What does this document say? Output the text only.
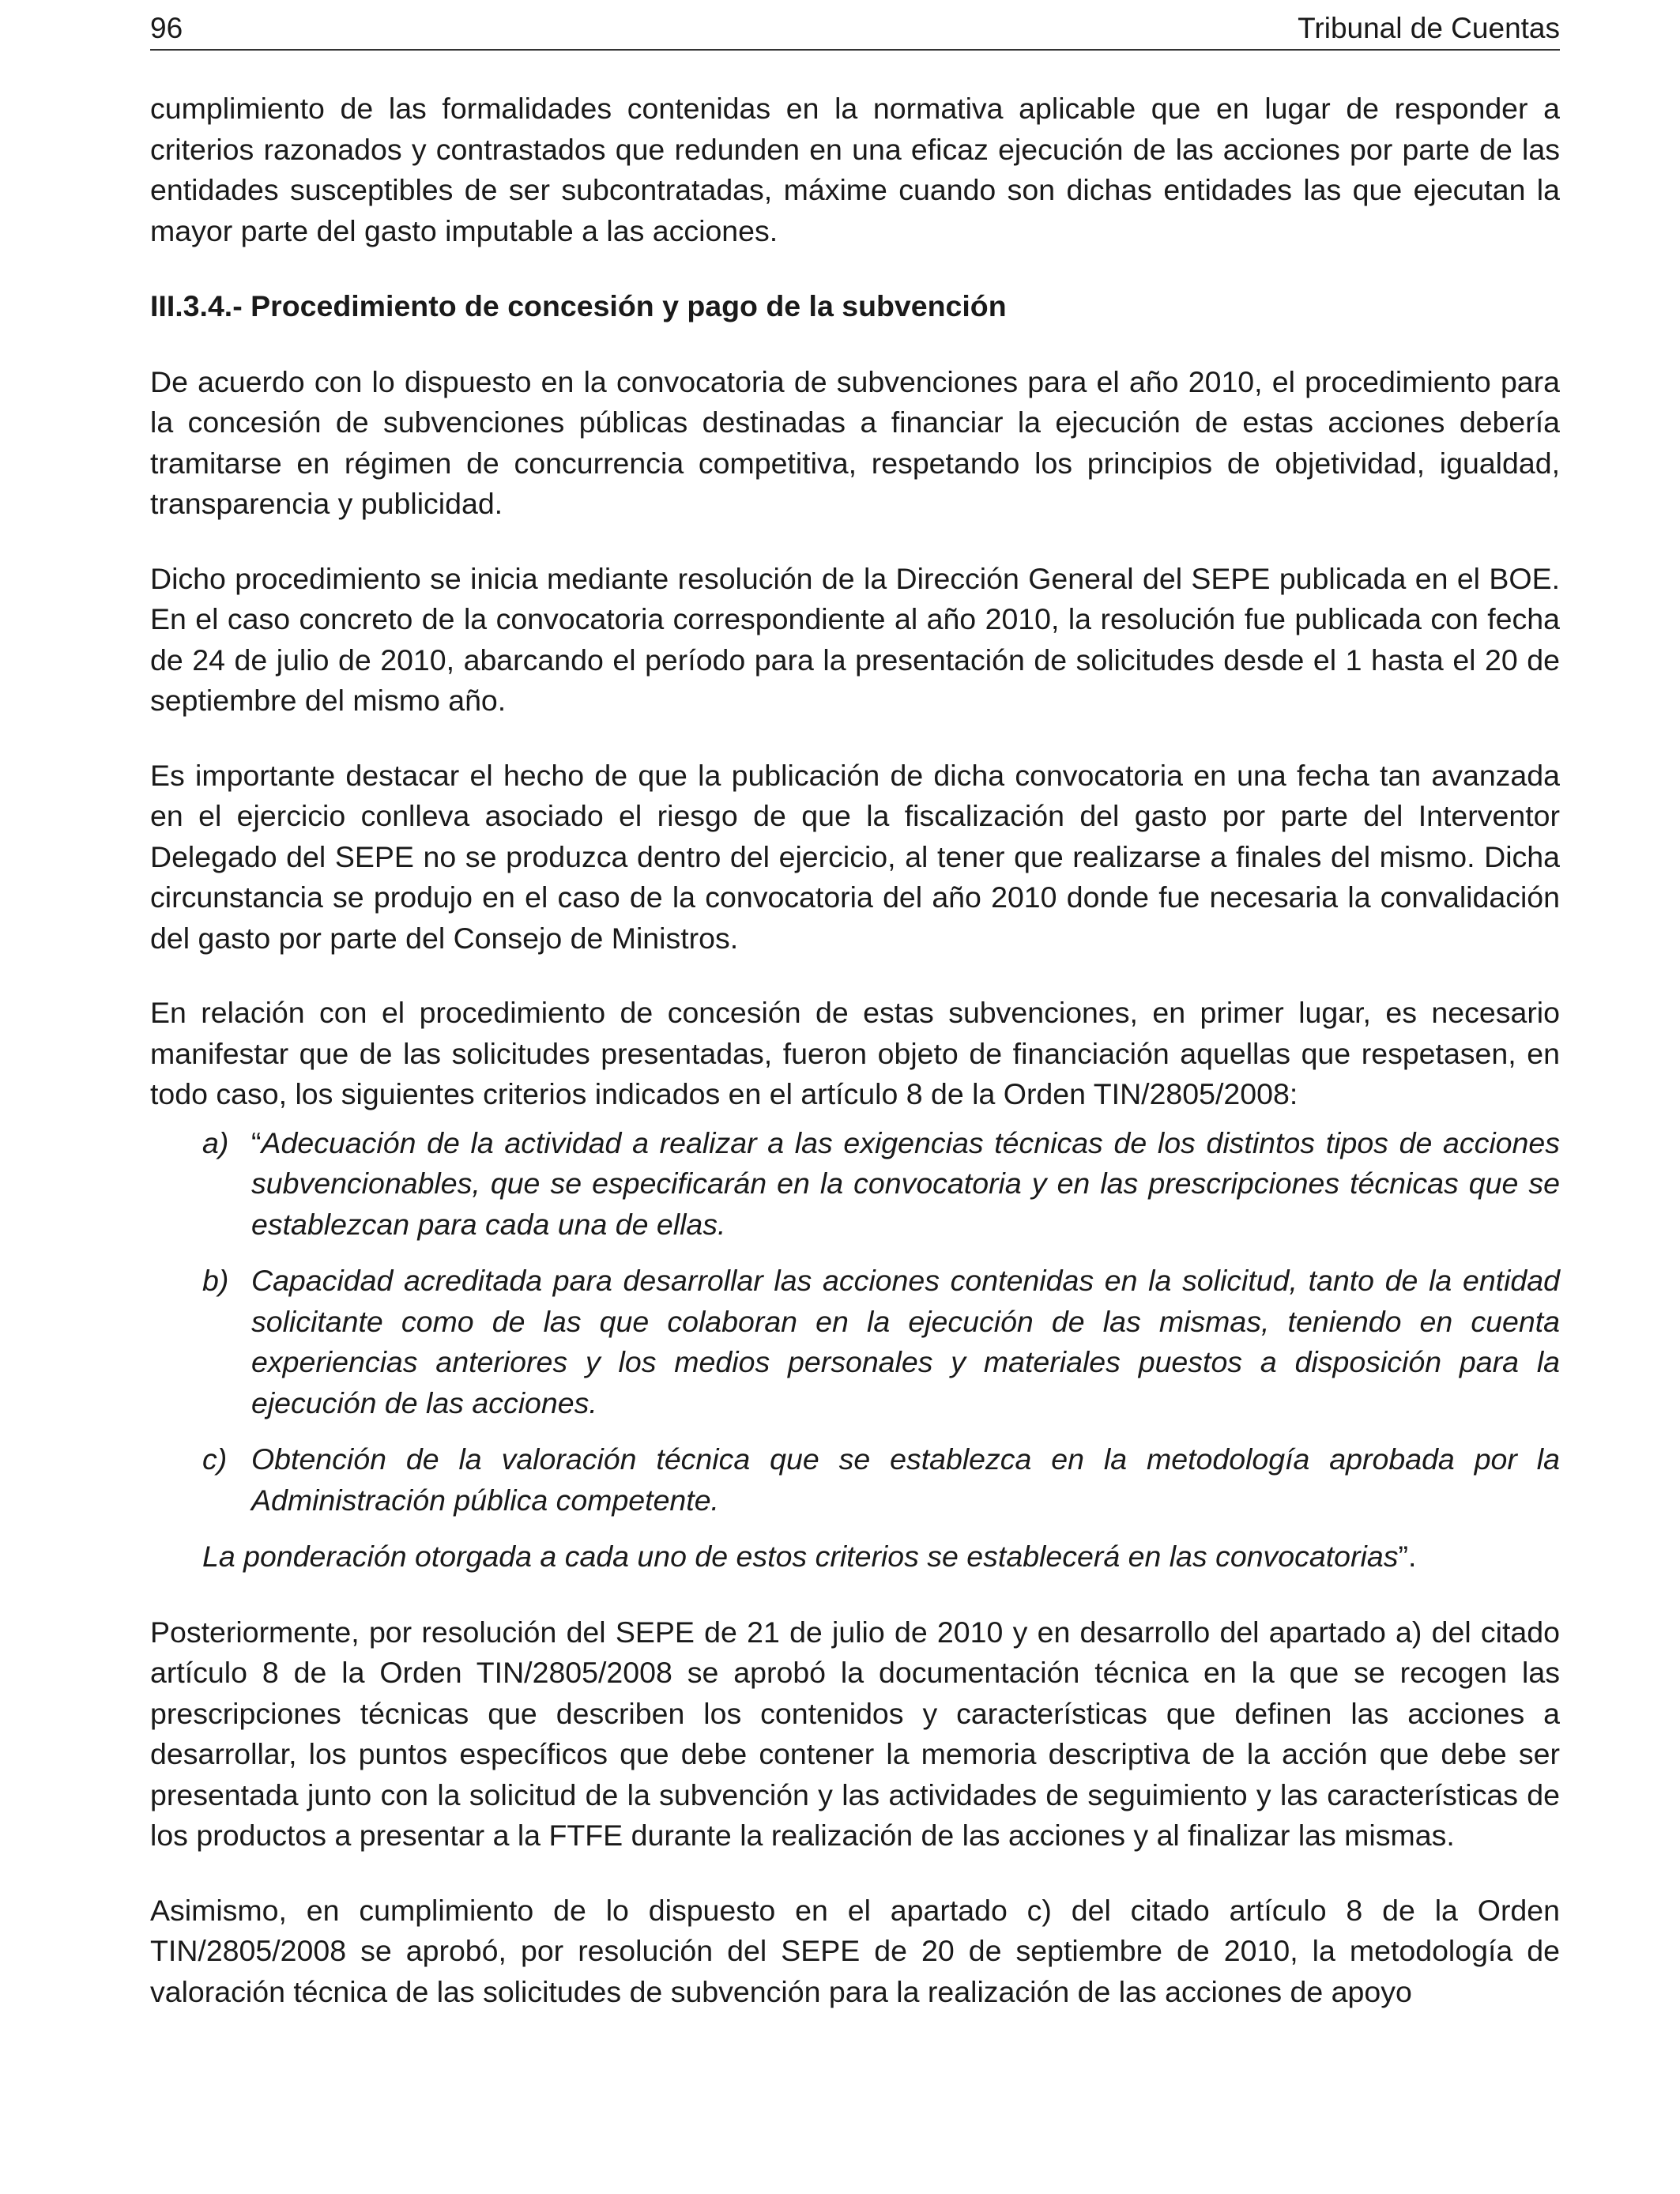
96	Tribunal de Cuentas

cumplimiento de las formalidades contenidas en la normativa aplicable que en lugar de responder a criterios razonados y contrastados que redunden en una eficaz ejecución de las acciones por parte de las entidades susceptibles de ser subcontratadas, máxime cuando son dichas entidades las que ejecutan la mayor parte del gasto imputable a las acciones.

III.3.4.- Procedimiento de concesión y pago de la subvención

De acuerdo con lo dispuesto en la convocatoria de subvenciones para el año 2010, el procedimiento para la concesión de subvenciones públicas destinadas a financiar la ejecución de estas acciones debería tramitarse en régimen de concurrencia competitiva, respetando los principios de objetividad, igualdad, transparencia y publicidad.

Dicho procedimiento se inicia mediante resolución de la Dirección General del SEPE publicada en el BOE. En el caso concreto de la convocatoria correspondiente al año 2010, la resolución fue publicada con fecha de 24 de julio de 2010, abarcando el período para la presentación de solicitudes desde el 1 hasta el 20 de septiembre del mismo año.

Es importante destacar el hecho de que la publicación de dicha convocatoria en una fecha tan avanzada en el ejercicio conlleva asociado el riesgo de que la fiscalización del gasto por parte del Interventor Delegado del SEPE no se produzca dentro del ejercicio, al tener que realizarse a finales del mismo. Dicha circunstancia se produjo en el caso de la convocatoria del año 2010 donde fue necesaria la convalidación del gasto por parte del Consejo de Ministros.

En relación con el procedimiento de concesión de estas subvenciones, en primer lugar, es necesario manifestar que de las solicitudes presentadas, fueron objeto de financiación aquellas que respetasen, en todo caso, los siguientes criterios indicados en el artículo 8 de la Orden TIN/2805/2008:

a) “Adecuación de la actividad a realizar a las exigencias técnicas de los distintos tipos de acciones subvencionables, que se especificarán en la convocatoria y en las prescripciones técnicas que se establezcan para cada una de ellas.
b) Capacidad acreditada para desarrollar las acciones contenidas en la solicitud, tanto de la entidad solicitante como de las que colaboran en la ejecución de las mismas, teniendo en cuenta experiencias anteriores y los medios personales y materiales puestos a disposición para la ejecución de las acciones.
c) Obtención de la valoración técnica que se establezca en la metodología aprobada por la Administración pública competente.
La ponderación otorgada a cada uno de estos criterios se establecerá en las convocatorias”.

Posteriormente, por resolución del SEPE de 21 de julio de 2010 y en desarrollo del apartado a) del citado artículo 8 de la Orden TIN/2805/2008 se aprobó la documentación técnica en la que se recogen las prescripciones técnicas que describen los contenidos y características que definen las acciones a desarrollar, los puntos específicos que debe contener la memoria descriptiva de la acción que debe ser presentada junto con la solicitud de la subvención y las actividades de seguimiento y las características de los productos a presentar a la FTFE durante la realización de las acciones y al finalizar las mismas.

Asimismo, en cumplimiento de lo dispuesto en el apartado c) del citado artículo 8 de la Orden TIN/2805/2008 se aprobó, por resolución del SEPE de 20 de septiembre de 2010, la metodología de valoración técnica de las solicitudes de subvención para la realización de las acciones de apoyo
